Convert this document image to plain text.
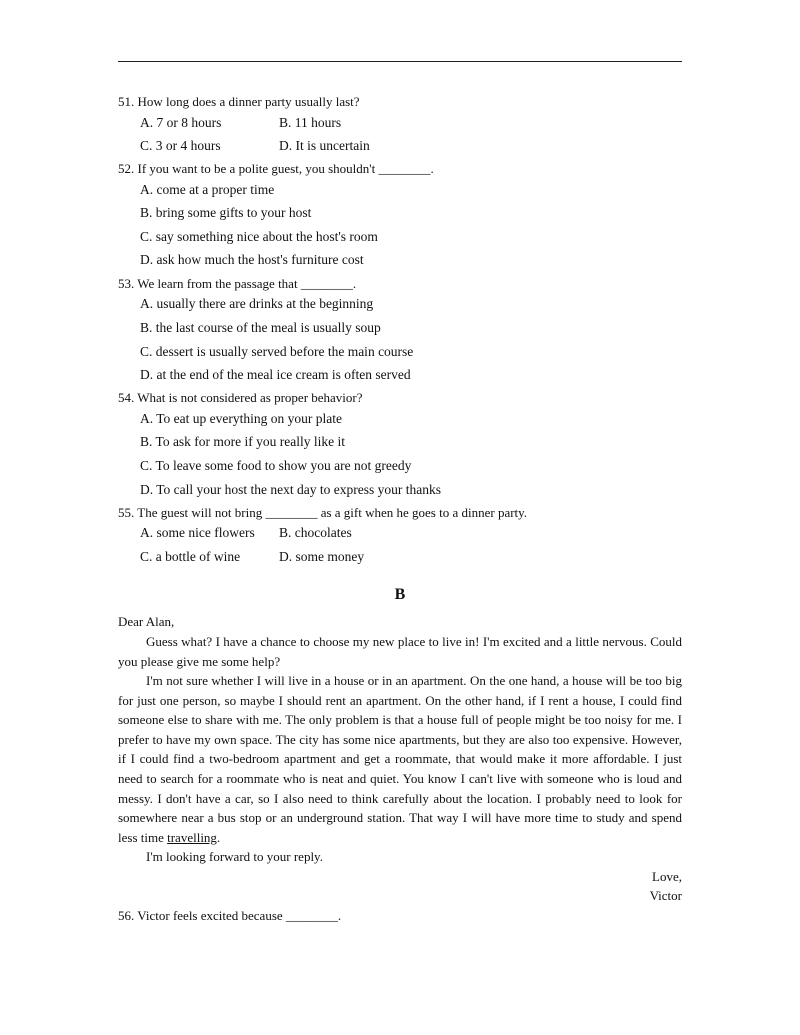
51. How long does a dinner party usually last?
A. 7 or 8 hours	B. 11 hours
C. 3 or 4 hours	D. It is uncertain
52. If you want to be a polite guest, you shouldn't ________.
A. come at a proper time
B. bring some gifts to your host
C. say something nice about the host's room
D. ask how much the host's furniture cost
53. We learn from the passage that ________.
A. usually there are drinks at the beginning
B. the last course of the meal is usually soup
C. dessert is usually served before the main course
D. at the end of the meal ice cream is often served
54. What is not considered as proper behavior?
A. To eat up everything on your plate
B. To ask for more if you really like it
C. To leave some food to show you are not greedy
D. To call your host the next day to express your thanks
55. The guest will not bring ________ as a gift when he goes to a dinner party.
A. some nice flowers B. chocolates
C. a bottle of wine	D. some money
B
Dear Alan,
Guess what? I have a chance to choose my new place to live in! I'm excited and a little nervous. Could
you please give me some help?
I'm not sure whether I will live in a house or in an apartment. On the one hand, a house will be too big
for just one person, so maybe I should rent an apartment. On the other hand, if I rent a house, I could find
someone else to share with me. The only problem is that a house full of people might be too noisy for me. I
prefer to have my own space. The city has some nice apartments, but they are also too expensive. However,
if I could find a two-bedroom apartment and get a roommate, that would make it more affordable. I just
need to search for a roommate who is neat and quiet. You know I can't live with someone who is loud and
messy. I don't have a car, so I also need to think carefully about the location. I probably need to look for
somewhere near a bus stop or an underground station. That way I will have more time to study and spend
less time travelling.
I'm looking forward to your reply.
Love,
Victor
56. Victor feels excited because ________.
